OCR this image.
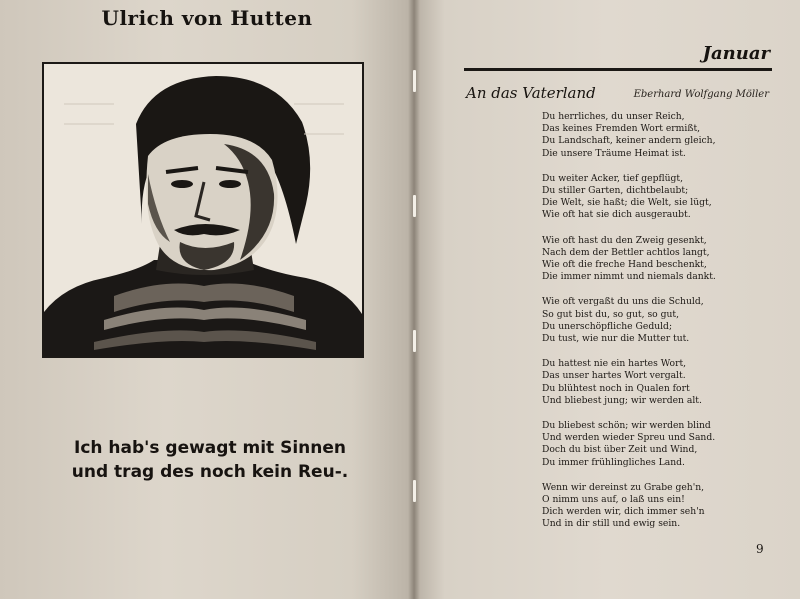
Ulrich von Hutten
Ich hab's gewagt mit Sinnen
und trag des noch kein Reu-.
Januar
An das Vaterland	Eberhard Wolfgang Möller
Du herrliches, du unser Reich,
Das keines Fremden Wort ermißt,
Du Landschaft, keiner andern gleich,
Die unsere Träume Heimat ist.
Du weiter Acker, tief gepflügt,
Du stiller Garten, dichtbelaubt;
Die Welt, sie haßt; die Welt, sie lügt,
Wie oft hat sie dich ausgeraubt.
Wie oft hast du den Zweig gesenkt,
Nach dem der Bettler achtlos langt,
Wie oft die freche Hand beschenkt,
Die immer nimmt und niemals dankt.
Wie oft vergaßt du uns die Schuld,
So gut bist du, so gut, so gut,
Du unerschöpfliche Geduld;
Du tust, wie nur die Mutter tut.
Du hattest nie ein hartes Wort,
Das unser hartes Wort vergalt.
Du blühtest noch in Qualen fort
Und bliebest jung; wir werden alt.
Du bliebest schön; wir werden blind
Und werden wieder Spreu und Sand.
Doch du bist über Zeit und Wind,
Du immer frühlingliches Land.
Wenn wir dereinst zu Grabe geh'n,
O nimm uns auf, o laß uns ein!
Dich werden wir, dich immer seh'n
Und in dir still und ewig sein.
9
